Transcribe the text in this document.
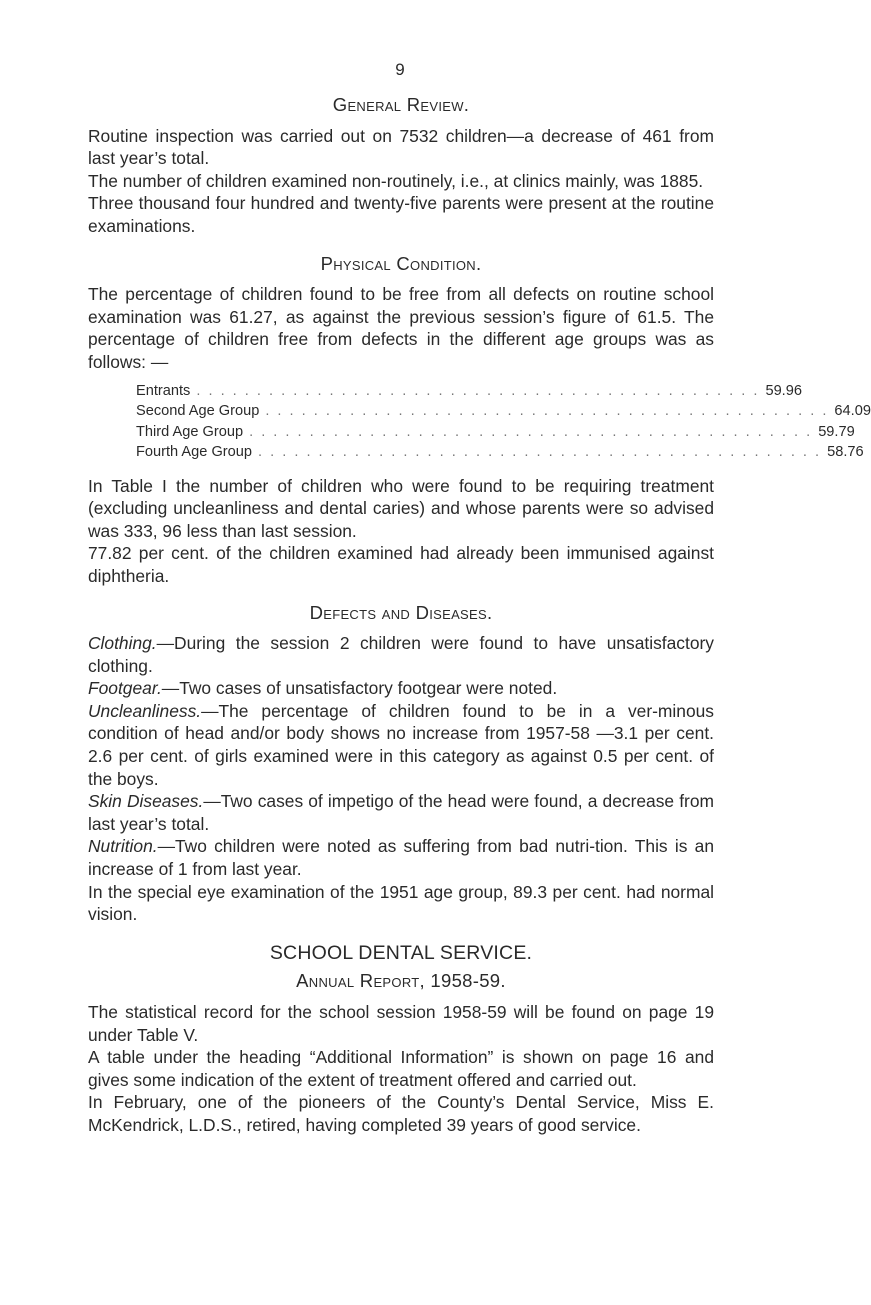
9
General Review.

Routine inspection was carried out on 7532 children—a decrease of 461 from last year’s total.

The number of children examined non-routinely, i.e., at clinics mainly, was 1885.

Three thousand four hundred and twenty-five parents were present at the routine examinations.

Physical Condition.

The percentage of children found to be free from all defects on routine school examination was 61.27, as against the previous session’s figure of 61.5. The percentage of children free from defects in the different age groups was as follows: —

Entrants . . . . . . . . . . . . . . . . . . . . . . . . . . . . . . . . . . . . . . . . . . . . . . . 59.96
Second Age Group . . . . . . . . . . . . . . . . . . . . . . . . . . . . . . . . . . . . . . . . . . . . . . . 64.09
Third Age Group . . . . . . . . . . . . . . . . . . . . . . . . . . . . . . . . . . . . . . . . . . . . . . . 59.79
Fourth Age Group . . . . . . . . . . . . . . . . . . . . . . . . . . . . . . . . . . . . . . . . . . . . . . . 58.76

In Table I the number of children who were found to be requiring treatment (excluding uncleanliness and dental caries) and whose parents were so advised was 333, 96 less than last session.

77.82 per cent. of the children examined had already been immunised against diphtheria.

Defects and Diseases.

Clothing.—During the session 2 children were found to have unsatisfactory clothing.

Footgear.—Two cases of unsatisfactory footgear were noted.

Uncleanliness.—The percentage of children found to be in a ver-minous condition of head and/or body shows no increase from 1957-58 —3.1 per cent. 2.6 per cent. of girls examined were in this category as against 0.5 per cent. of the boys.

Skin Diseases.—Two cases of impetigo of the head were found, a decrease from last year’s total.

Nutrition.—Two children were noted as suffering from bad nutri-tion. This is an increase of 1 from last year.

In the special eye examination of the 1951 age group, 89.3 per cent. had normal vision.

SCHOOL DENTAL SERVICE.
Annual Report, 1958-59.

The statistical record for the school session 1958-59 will be found on page 19 under Table V.

A table under the heading “Additional Information” is shown on page 16 and gives some indication of the extent of treatment offered and carried out.

In February, one of the pioneers of the County’s Dental Service, Miss E. McKendrick, L.D.S., retired, having completed 39 years of good service.
